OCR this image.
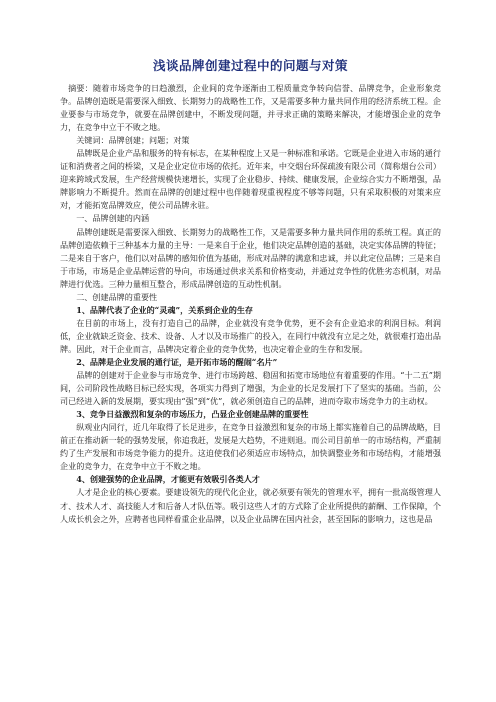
浅谈品牌创建过程中的问题与对策

摘要：随着市场竞争的日趋激烈，企业间的竞争逐渐由工程质量竞争转向信誉、品牌竞争，企业形象竞争。品牌创造既是需要深入细致、长期努力的战略性工作，又是需要多种力量共同作用的经济系统工程。企业要参与市场竞争，就要在品牌创建中，不断发现问题，并寻求正确的策略来解决，才能增强企业的竞争力，在竞争中立于不败之地。

关键词：品牌创建；问题；对策

品牌既是企业产品和服务的特有标志，在某种程度上又是一种标准和承诺。它既是企业进入市场的通行证和消费者之间的桥梁，又是企业定位市场的依托。近年来，中交烟台环保疏浚有限公司（简称烟台公司）迎来跨域式发展，生产经营规模快速增长，实现了企业稳步、持续、健康发展，企业综合实力不断增强，品牌影响力不断提升。然而在品牌的创建过程中也伴随着现重视程度不够等问题，只有采取积极的对策来应对，才能拓宽品牌效应，使公司品牌永驻。

一、品牌创建的内涵

品牌创建既是需要深入细致、长期努力的战略性工作，又是需要多种力量共同作用的系统工程。真正的品牌创造依赖于三种基本力量的主导：一是来自于企业，他们决定品牌创造的基础，决定实体品牌的特征；二是来自于客户，他们以对品牌的感知价值为基础，形成对品牌的满意和忠诚，并以此定位品牌；三是来自于市场，市场是企业品牌运营的导向，市场通过供求关系和价格变动，并通过竞争性的优胜劣态机制，对品牌进行优选。三种力量相互整合，形成品牌创造的互动性机制。

二、创建品牌的重要性

1、品牌代表了企业的“灵魂”，关系到企业的生存

在目前的市场上，没有打造自己的品牌，企业就没有竞争优势，更不会有企业追求的利润目标。利润低，企业就缺乏资金、技术、设备、人才以及市场推广的投入，在同行中就没有立足之处，就很难打造出品牌。因此，对于企业而言，品牌决定着企业的竞争优势，也决定着企业的生存和发展。

2、品牌是企业发展的通行证，是开拓市场的醒闹“名片”

品牌的创建对于企业参与市场竞争、进行市场跨越、稳固和拓宽市场地位有着重要的作用。“十二五”期间，公司阶段性战略目标已经实现，各项实力得到了增强，为企业的长足发展打下了坚实的基础。当前，公司已经进入新的发展期，要实现由“强”到“优”，就必须创造自己的品牌，进而夺取市场竞争力的主动权。

3、竞争日益激烈和复杂的市场压力，凸显企业创建品牌的重要性

纵观业内同行，近几年取得了长足进步，在竞争日益激烈和复杂的市场上都实施着自己的品牌战略，目前正在推动新一轮的强势发展，你追我赶，发展是大趋势，不进则退。而公司目前单一的市场结构，严重制约了生产发展和市场竞争能力的提升。这迫使我们必须适应市场特点，加快调整业务和市场结构，才能增强企业的竞争力，在竞争中立于不败之地。

4、创建强势的企业品牌，才能更有效吸引各类人才

人才是企业的核心要素。要建设领先的现代化企业，就必须要有领先的管理水平，拥有一批高级管理人才、技术人才、高技能人才和后备人才队伍等。吸引这些人才的方式除了企业所提供的薪酬、工作保障，个人成长机会之外，应聘者也同样看重企业品牌，以及企业品牌在国内社会，甚至国际的影响力，这也是品
